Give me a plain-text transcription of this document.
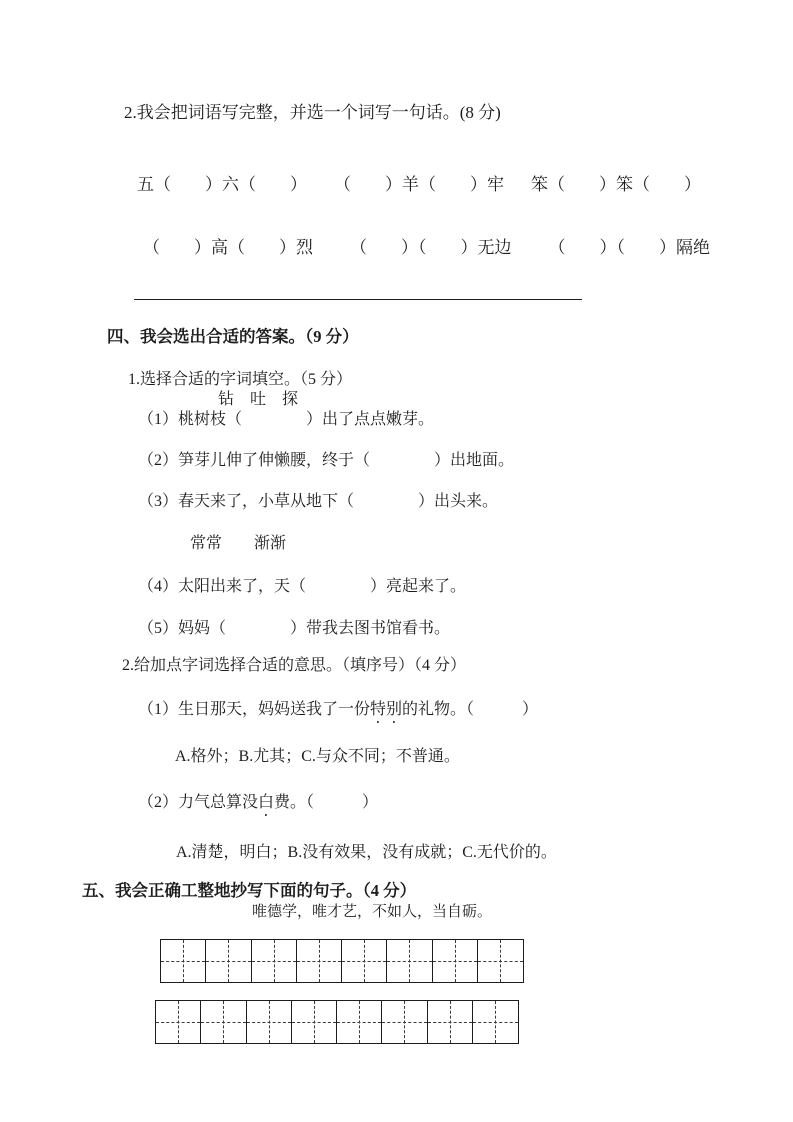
2.我会把词语写完整，并选一个词写一句话。(8 分)
五（　　）六（　　） （　　）羊（　　）牢 笨（　　）笨（　　）
（　　）高（　　）烈 （　　）（　　）无边 （　　）（　　）隔绝
四、我会选出合适的答案。（9 分）
1.选择合适的字词填空。（5 分）
钻　吐　探
（1）桃树枝（　　　　）出了点点嫩芽。
（2）笋芽儿伸了伸懒腰，终于（　　　　）出地面。
（3）春天来了，小草从地下（　　　　）出头来。
常常　　渐渐
（4）太阳出来了，天（　　　　）亮起来了。
（5）妈妈（　　　　）带我去图书馆看书。
2.给加点字词选择合适的意思。（填序号）（4 分）
（1）生日那天，妈妈送我了一份特别的礼物。（　　　）
A.格外；B.尤其；C.与众不同；不普通。
（2）力气总算没白费。（　　　）
A.清楚，明白；B.没有效果，没有成就；C.无代价的。
五、我会正确工整地抄写下面的句子。（4 分）
唯德学，唯才艺，不如人，当自砺。
